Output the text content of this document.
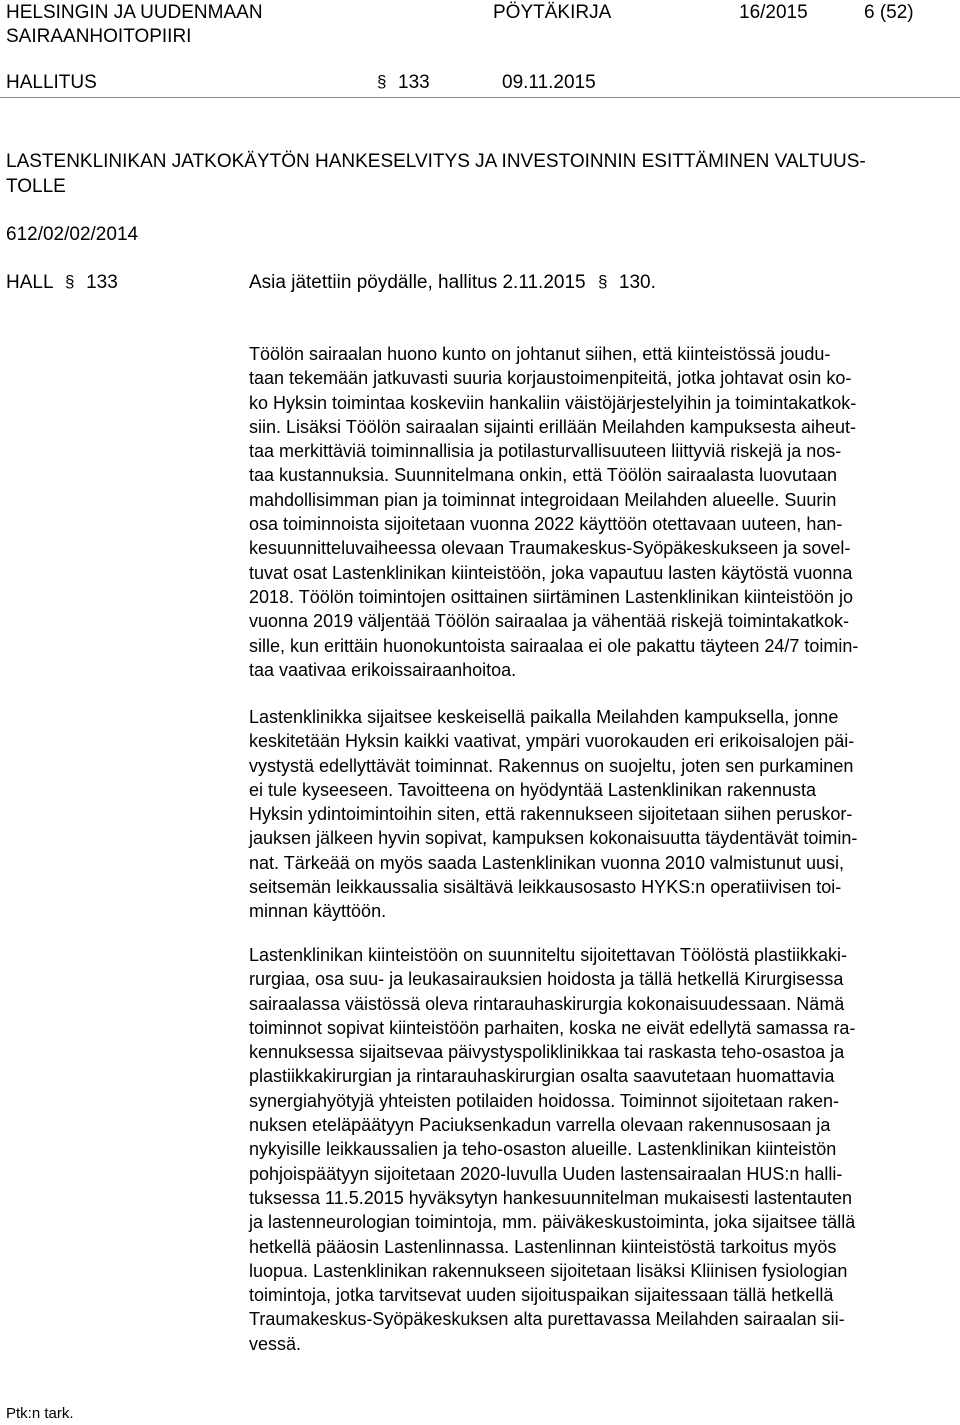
HELSINGIN JA UUDENMAAN
SAIRAANHOITOPIIRI
PÖYTÄKIRJA	16/2015	6 (52)
HALLITUS	§ 133	09.11.2015
LASTENKLINIKAN JATKOKÄYTÖN HANKESELVITYS JA INVESTOINNIN ESITTÄMINEN VALTUUS-
TOLLE
612/02/02/2014
HALL § 133	Asia jätettiin pöydälle, hallitus 2.11.2015 § 130.
Töölön sairaalan huono kunto on johtanut siihen, että kiinteistössä joudu-
taan tekemään jatkuvasti suuria korjaustoimenpiteitä, jotka johtavat osin ko-
ko Hyksin toimintaa koskeviin hankaliin väistöjärjestelyihin ja toimintakatkok-
siin. Lisäksi Töölön sairaalan sijainti erillään Meilahden kampuksesta aiheut-
taa merkittäviä toiminnallisia ja potilasturvallisuuteen liittyviä riskejä ja nos-
taa kustannuksia. Suunnitelmana onkin, että Töölön sairaalasta luovutaan
mahdollisimman pian ja toiminnat integroidaan Meilahden alueelle. Suurin
osa toiminnoista sijoitetaan vuonna 2022 käyttöön otettavaan uuteen, han-
kesuunnitteluvaiheessa olevaan Traumakeskus-Syöpäkeskukseen ja sovel-
tuvat osat Lastenklinikan kiinteistöön, joka vapautuu lasten käytöstä vuonna
2018. Töölön toimintojen osittainen siirtäminen Lastenklinikan kiinteistöön jo
vuonna 2019 väljentää Töölön sairaalaa ja vähentää riskejä toimintakatkok-
sille, kun erittäin huonokuntoista sairaalaa ei ole pakattu täyteen 24/7 toimin-
taa vaativaa erikoissairaanhoitoa.
Lastenklinikka sijaitsee keskeisellä paikalla Meilahden kampuksella, jonne
keskitetään Hyksin kaikki vaativat, ympäri vuorokauden eri erikoisalojen päi-
vystystä edellyttävät toiminnat. Rakennus on suojeltu, joten sen purkaminen
ei tule kyseeseen. Tavoitteena on hyödyntää Lastenklinikan rakennusta
Hyksin ydintoimintoihin siten, että rakennukseen sijoitetaan siihen peruskor-
jauksen jälkeen hyvin sopivat, kampuksen kokonaisuutta täydentävät toimin-
nat. Tärkeää on myös saada Lastenklinikan vuonna 2010 valmistunut uusi,
seitsemän leikkaussalia sisältävä leikkausosasto HYKS:n operatiivisen toi-
minnan käyttöön.
Lastenklinikan kiinteistöön on suunniteltu sijoitettavan Töölöstä plastiikkaki-
rurgiaa, osa suu- ja leukasairauksien hoidosta ja tällä hetkellä Kirurgisessa
sairaalassa väistössä oleva rintarauhaskirurgia kokonaisuudessaan. Nämä
toiminnot sopivat kiinteistöön parhaiten, koska ne eivät edellytä samassa ra-
kennuksessa sijaitsevaa päivystyspoliklinikkaa tai raskasta teho-osastoa ja
plastiikkakirurgian ja rintarauhaskirurgian osalta saavutetaan huomattavia
synergiahyötyjä yhteisten potilaiden hoidossa. Toiminnot sijoitetaan raken-
nuksen eteläpäätyyn Paciuksenkadun varrella olevaan rakennusosaan ja
nykyisille leikkaussalien ja teho-osaston alueille. Lastenklinikan kiinteistön
pohjoispäätyyn sijoitetaan 2020-luvulla Uuden lastensairaalan HUS:n halli-
tuksessa 11.5.2015 hyväksytyn hankesuunnitelman mukaisesti lastentauten
ja lastenneurologian toimintoja, mm. päiväkeskustoiminta, joka sijaitsee tällä
hetkellä pääosin Lastenlinnassa. Lastenlinnan kiinteistöstä tarkoitus myös
luopua. Lastenklinikan rakennukseen sijoitetaan lisäksi Kliinisen fysiologian
toimintoja, jotka tarvitsevat uuden sijoituspaikan sijaitessaan tällä hetkellä
Traumakeskus-Syöpäkeskuksen alta purettavassa Meilahden sairaalan sii-
vessä.
Ptk:n tark.
